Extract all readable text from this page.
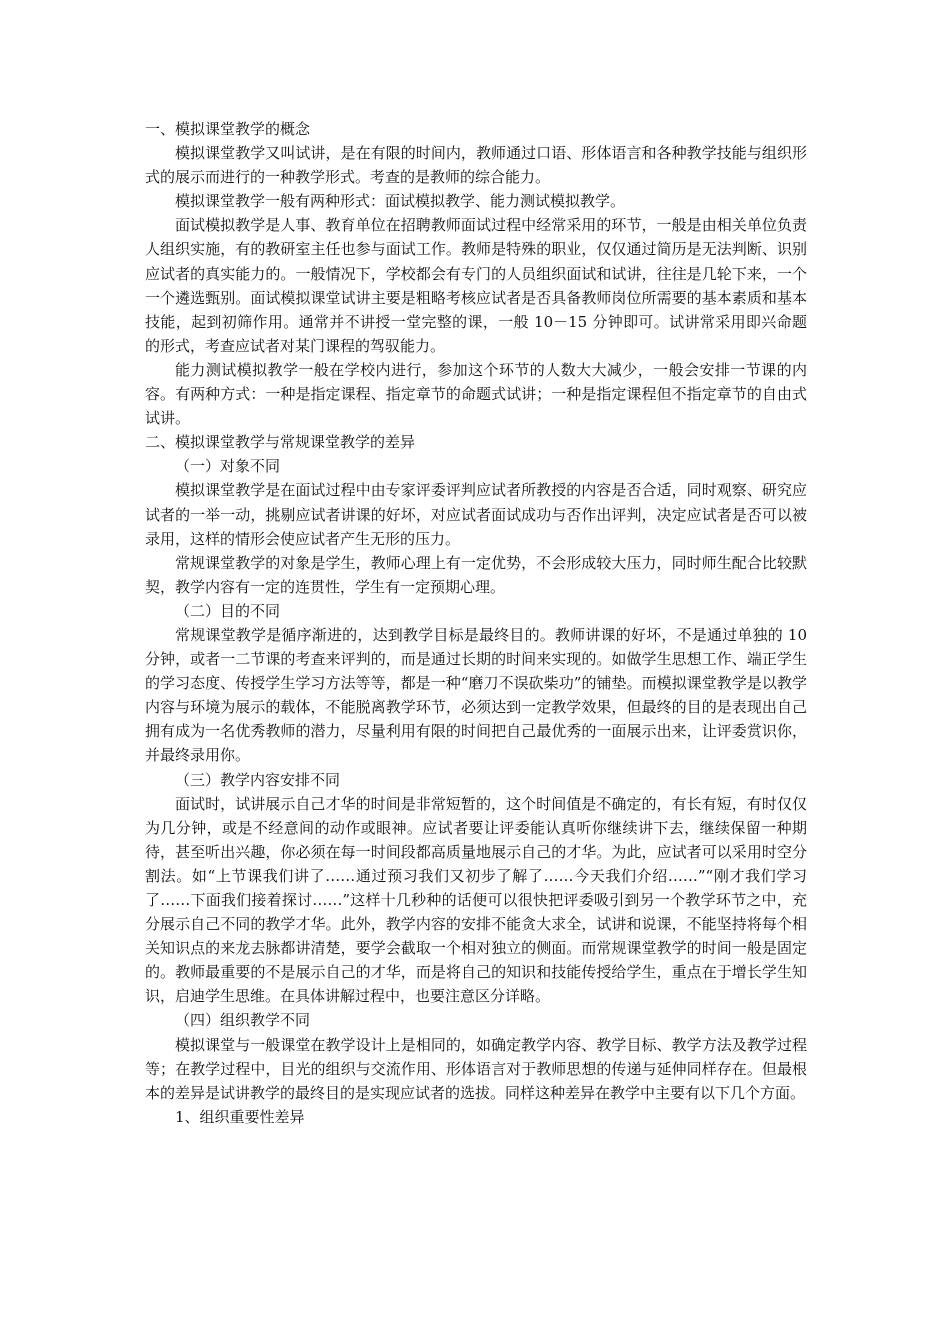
一、模拟课堂教学的概念

模拟课堂教学又叫试讲，是在有限的时间内，教师通过口语、形体语言和各种教学技能与组织形式的展示而进行的一种教学形式。考查的是教师的综合能力。

模拟课堂教学一般有两种形式：面试模拟教学、能力测试模拟教学。

面试模拟教学是人事、教育单位在招聘教师面试过程中经常采用的环节，一般是由相关单位负责人组织实施，有的教研室主任也参与面试工作。教师是特殊的职业，仅仅通过简历是无法判断、识别应试者的真实能力的。一般情况下，学校都会有专门的人员组织面试和试讲，往往是几轮下来，一个一个遴选甄别。面试模拟课堂试讲主要是粗略考核应试者是否具备教师岗位所需要的基本素质和基本技能，起到初筛作用。通常并不讲授一堂完整的课，一般 10－15 分钟即可。试讲常采用即兴命题的形式，考查应试者对某门课程的驾驭能力。

能力测试模拟教学一般在学校内进行，参加这个环节的人数大大减少，一般会安排一节课的内容。有两种方式：一种是指定课程、指定章节的命题式试讲；一种是指定课程但不指定章节的自由式试讲。

二、模拟课堂教学与常规课堂教学的差异

（一）对象不同

模拟课堂教学是在面试过程中由专家评委评判应试者所教授的内容是否合适，同时观察、研究应试者的一举一动，挑剔应试者讲课的好坏，对应试者面试成功与否作出评判，决定应试者是否可以被录用，这样的情形会使应试者产生无形的压力。

常规课堂教学的对象是学生，教师心理上有一定优势，不会形成较大压力，同时师生配合比较默契，教学内容有一定的连贯性，学生有一定预期心理。

（二）目的不同

常规课堂教学是循序渐进的，达到教学目标是最终目的。教师讲课的好坏，不是通过单独的 10 分钟，或者一二节课的考查来评判的，而是通过长期的时间来实现的。如做学生思想工作、端正学生的学习态度、传授学生学习方法等等，都是一种“磨刀不误砍柴功”的铺垫。而模拟课堂教学是以教学内容与环境为展示的载体，不能脱离教学环节，必须达到一定教学效果，但最终的目的是表现出自己拥有成为一名优秀教师的潜力，尽量利用有限的时间把自己最优秀的一面展示出来，让评委赏识你，并最终录用你。

（三）教学内容安排不同

面试时，试讲展示自己才华的时间是非常短暂的，这个时间值是不确定的，有长有短，有时仅仅为几分钟，或是不经意间的动作或眼神。应试者要让评委能认真听你继续讲下去，继续保留一种期待，甚至听出兴趣，你必须在每一时间段都高质量地展示自己的才华。为此，应试者可以采用时空分割法。如“上节课我们讲了……通过预习我们又初步了解了……今天我们介绍……”“刚才我们学习了……下面我们接着探讨……”这样十几秒种的话便可以很快把评委吸引到另一个教学环节之中，充分展示自己不同的教学才华。此外，教学内容的安排不能贪大求全，试讲和说课，不能坚持将每个相关知识点的来龙去脉都讲清楚，要学会截取一个相对独立的侧面。而常规课堂教学的时间一般是固定的。教师最重要的不是展示自己的才华，而是将自己的知识和技能传授给学生，重点在于增长学生知识，启迪学生思维。在具体讲解过程中，也要注意区分详略。

（四）组织教学不同

模拟课堂与一般课堂在教学设计上是相同的，如确定教学内容、教学目标、教学方法及教学过程等；在教学过程中，目光的组织与交流作用、形体语言对于教师思想的传递与延伸同样存在。但最根本的差异是试讲教学的最终目的是实现应试者的选拔。同样这种差异在教学中主要有以下几个方面。

1、组织重要性差异
